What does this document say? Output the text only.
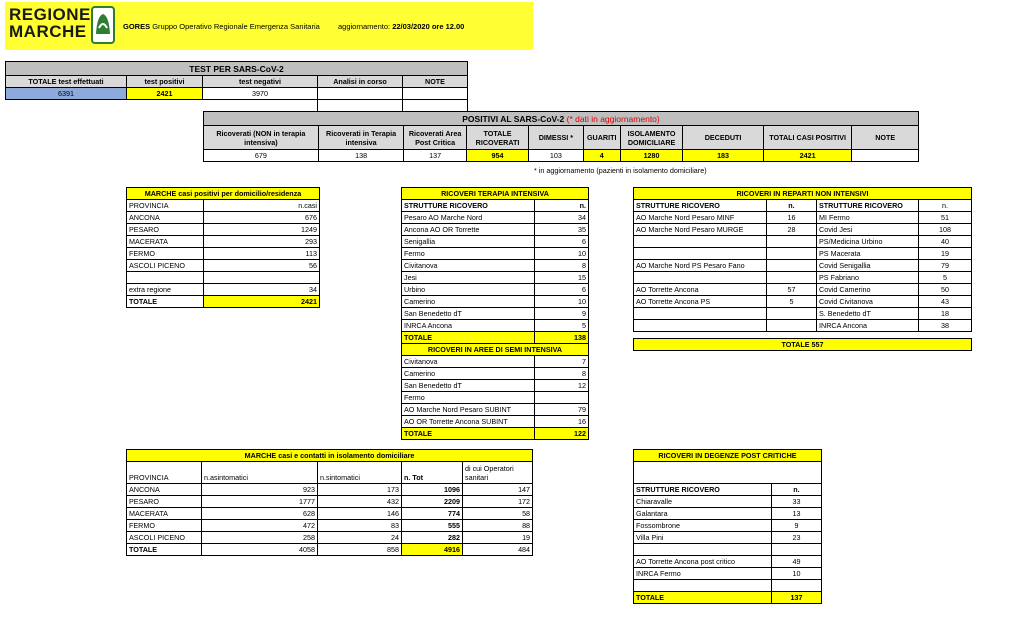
REGIONE
MARCHE	GORES Gruppo Operativo Regionale Emergenza Sanitaria aggiornamento: 22/03/2020 ore 12.00
TEST PER SARS-CoV-2				
TOTALE test effettuati	test positivi	test negativi	Analisi in corso	NOTE
6391	2421	3970		

POSITIVI AL SARS-CoV-2 (* dati in aggiornamento)									
Ricoverati (NON in terapia intensiva)	Ricoverati in Terapia intensiva	Ricoverati Area Post Critica	TOTALE RICOVERATI	DIMESSI *	GUARITI	ISOLAMENTO DOMICILIARE	DECEDUTI	TOTALI CASI POSITIVI	NOTE
679	138	137	954	103	4	1280	183	2421	
* in aggiornamento (pazienti in isolamento domiciliare)
MARCHE casi positivi per domicilio/residenza	
PROVINCIA	n.casi
ANCONA	676
PESARO	1249
MACERATA	293
FERMO	113
ASCOLI PICENO	56

extra regione	34
TOTALE	2421
RICOVERI TERAPIA INTENSIVA	
STRUTTURE RICOVERO	n.
Pesaro AO Marche Nord	34
Ancona AO OR Torrette	35
Senigallia	6
Fermo	10
Civitanova	8
Jesi	15
Urbino	6
Camerino	10
San Benedetto dT	9
INRCA Ancona	5
TOTALE	138
RICOVERI IN AREE DI SEMI INTENSIVA	
Civitanova	7
Camerino	8
San Benedetto dT	12
Fermo	
AO Marche Nord Pesaro SUBINT	79
AO OR Torrette Ancona SUBINT	16
TOTALE	122
RICOVERI IN REPARTI NON INTENSIVI			
STRUTTURE RICOVERO	n.	STRUTTURE RICOVERO	n.
AO Marche Nord Pesaro MINF	16	MI Fermo	51
AO Marche Nord Pesaro MURGE	28	Covid Jesi	108
		PS/Medicina Urbino	40
		PS Macerata	19
AO Marche Nord PS Pesaro Fano		Covid Senigallia	79
		PS Fabriano	5
AO Torrette Ancona	57	Covid Camerino	50
AO Torrette Ancona PS	5	Covid Civitanova	43
		S. Benedetto dT	18
		INRCA Ancona	38

TOTALE 557			
MARCHE casi e contatti in isolamento domiciliare				
PROVINCIA	n.asintomatici	n.sintomatici	n. Tot	di cui Operatori sanitari
ANCONA	923	173	1096	147
PESARO	1777	432	2209	172
MACERATA	628	146	774	58
FERMO	472	83	555	88
ASCOLI PICENO	258	24	282	19
TOTALE	4058	858	4916	484
RICOVERI IN DEGENZE POST CRITICHE	

STRUTTURE RICOVERO	n.
Chiaravalle	33
Galantara	13
Fossombrone	9
Villa Pini	23

AO Torrette Ancona post critico	49
INRCA Fermo	10

TOTALE	137
